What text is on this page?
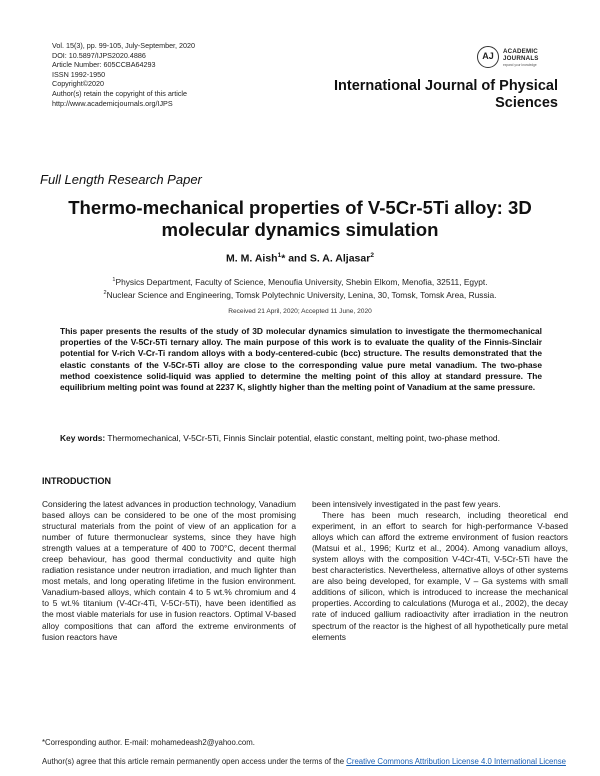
Vol. 15(3), pp. 99-105, July-September, 2020
DOI: 10.5897/IJPS2020.4886
Article Number: 605CCBA64293
ISSN 1992-1950
Copyright©2020
Author(s) retain the copyright of this article
http://www.academicjournals.org/IJPS
AJ	ACADEMIC
JOURNALS
expand your knowledge
International Journal of Physical
Sciences
Full Length Research Paper
Thermo-mechanical properties of V-5Cr-5Ti alloy: 3D
molecular dynamics simulation
M. M. Aish$^1$* and S. A. Aljasar$^2$
$^1$Physics Department, Faculty of Science, Menoufia University, Shebin Elkom, Menofia, 32511, Egypt.
$^2$Nuclear Science and Engineering, Tomsk Polytechnic University, Lenina, 30, Tomsk, Tomsk Area, Russia.
Received 21 April, 2020; Accepted 11 June, 2020
This paper presents the results of the study of 3D molecular dynamics simulation to investigate the thermomechanical properties of the V-5Cr-5Ti ternary alloy. The main purpose of this work is to evaluate the quality of the Finnis-Sinclair potential for V-rich V-Cr-Ti random alloys with a body-centered-cubic (bcc) structure. The results demonstrated that the elastic constants of the V-5Cr-5Ti alloy are close to the corresponding value pure metal vanadium. The two-phase method coexistence solid-liquid was applied to determine the melting point of this alloy at standard pressure. The equilibrium melting point was found at 2237 K, slightly higher than the melting point of Vanadium at the same pressure.
Key words: Thermomechanical, V-5Cr-5Ti, Finnis Sinclair potential, elastic constant, melting point, two-phase method.
INTRODUCTION

Considering the latest advances in production technology, Vanadium based alloys can be considered to be one of the most promising structural materials from the point of view of an application for a number of future thermonuclear systems, since they have high strength values at a temperature of 400 to 700°C, decent thermal creep behaviour, has good thermal conductivity and quite high radiation resistance under neutron irradiation, and much lighter than most metals, and long operating lifetime in the fusion environment. Vanadium-based alloys, which contain 4 to 5 wt.% chromium and 4 to 5 wt.% titanium (V-4Cr-4Ti, V-5Cr-5Ti), have been identified as the most viable materials for use in fusion reactors. Optimal V-based alloy compositions that can afford the extreme environments of fusion reactors have

been intensively investigated in the past few years.

There has been much research, including theoretical end experiment, in an effort to search for high-performance V-based alloys which can afford the extreme environment of fusion reactors (Matsui et al., 1996; Kurtz et al., 2004). Among vanadium alloys, system alloys with the composition V-4Cr-4Ti, V-5Cr-5Ti have the best characteristics. Nevertheless, alternative alloys of other systems are also being developed, for example, V – Ga systems with small additions of silicon, which is introduced to increase the mechanical properties. According to calculations (Muroga et al., 2002), the decay rate of induced gallium radioactivity after irradiation in the neutron spectrum of the reactor is the highest of all hypothetically pure metal elements

*Corresponding author. E-mail: mohamedeash2@yahoo.com.
Author(s) agree that this article remain permanently open access under the terms of the Creative Commons Attribution License 4.0 International License
